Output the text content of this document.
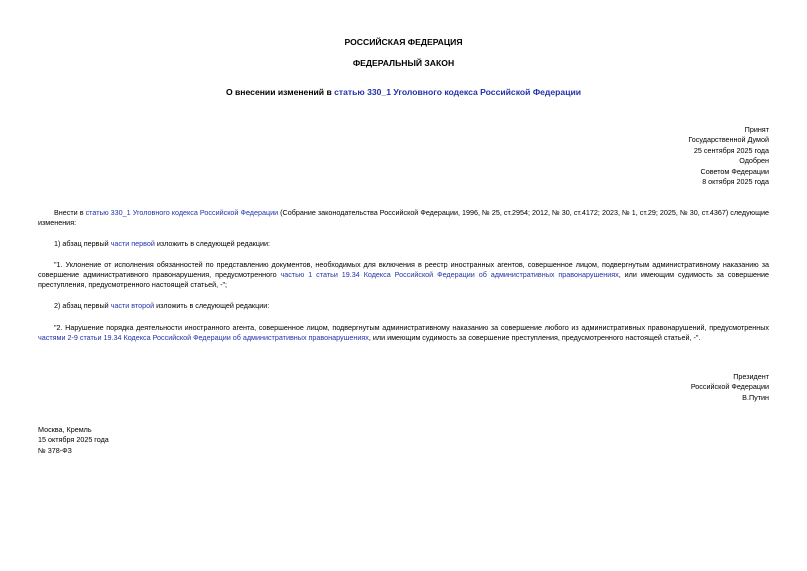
РОССИЙСКАЯ ФЕДЕРАЦИЯ
ФЕДЕРАЛЬНЫЙ ЗАКОН
О внесении изменений в статью 330_1 Уголовного кодекса Российской Федерации
Принят
Государственной Думой
25 сентября 2025 года
Одобрен
Советом Федерации
8 октября 2025 года

Внести в статью 330_1 Уголовного кодекса Российской Федерации (Собрание законодательства Российской Федерации, 1996, № 25, ст.2954; 2012, № 30, ст.4172; 2023, № 1, ст.29; 2025, № 30, ст.4367) следующие изменения:

1) абзац первый части первой изложить в следующей редакции:

"1. Уклонение от исполнения обязанностей по представлению документов, необходимых для включения в реестр иностранных агентов, совершенное лицом, подвергнутым административному наказанию за совершение административного правонарушения, предусмотренного частью 1 статьи 19.34 Кодекса Российской Федерации об административных правонарушениях, или имеющим судимость за совершение преступления, предусмотренного настоящей статьей, -";

2) абзац первый части второй изложить в следующей редакции:

"2. Нарушение порядка деятельности иностранного агента, совершенное лицом, подвергнутым административному наказанию за совершение любого из административных правонарушений, предусмотренных частями 2-9 статьи 19.34 Кодекса Российской Федерации об административных правонарушениях, или имеющим судимость за совершение преступления, предусмотренного настоящей статьей, -".

Президент
Российской Федерации
В.Путин
Москва, Кремль
15 октября 2025 года
№ 378-ФЗ
